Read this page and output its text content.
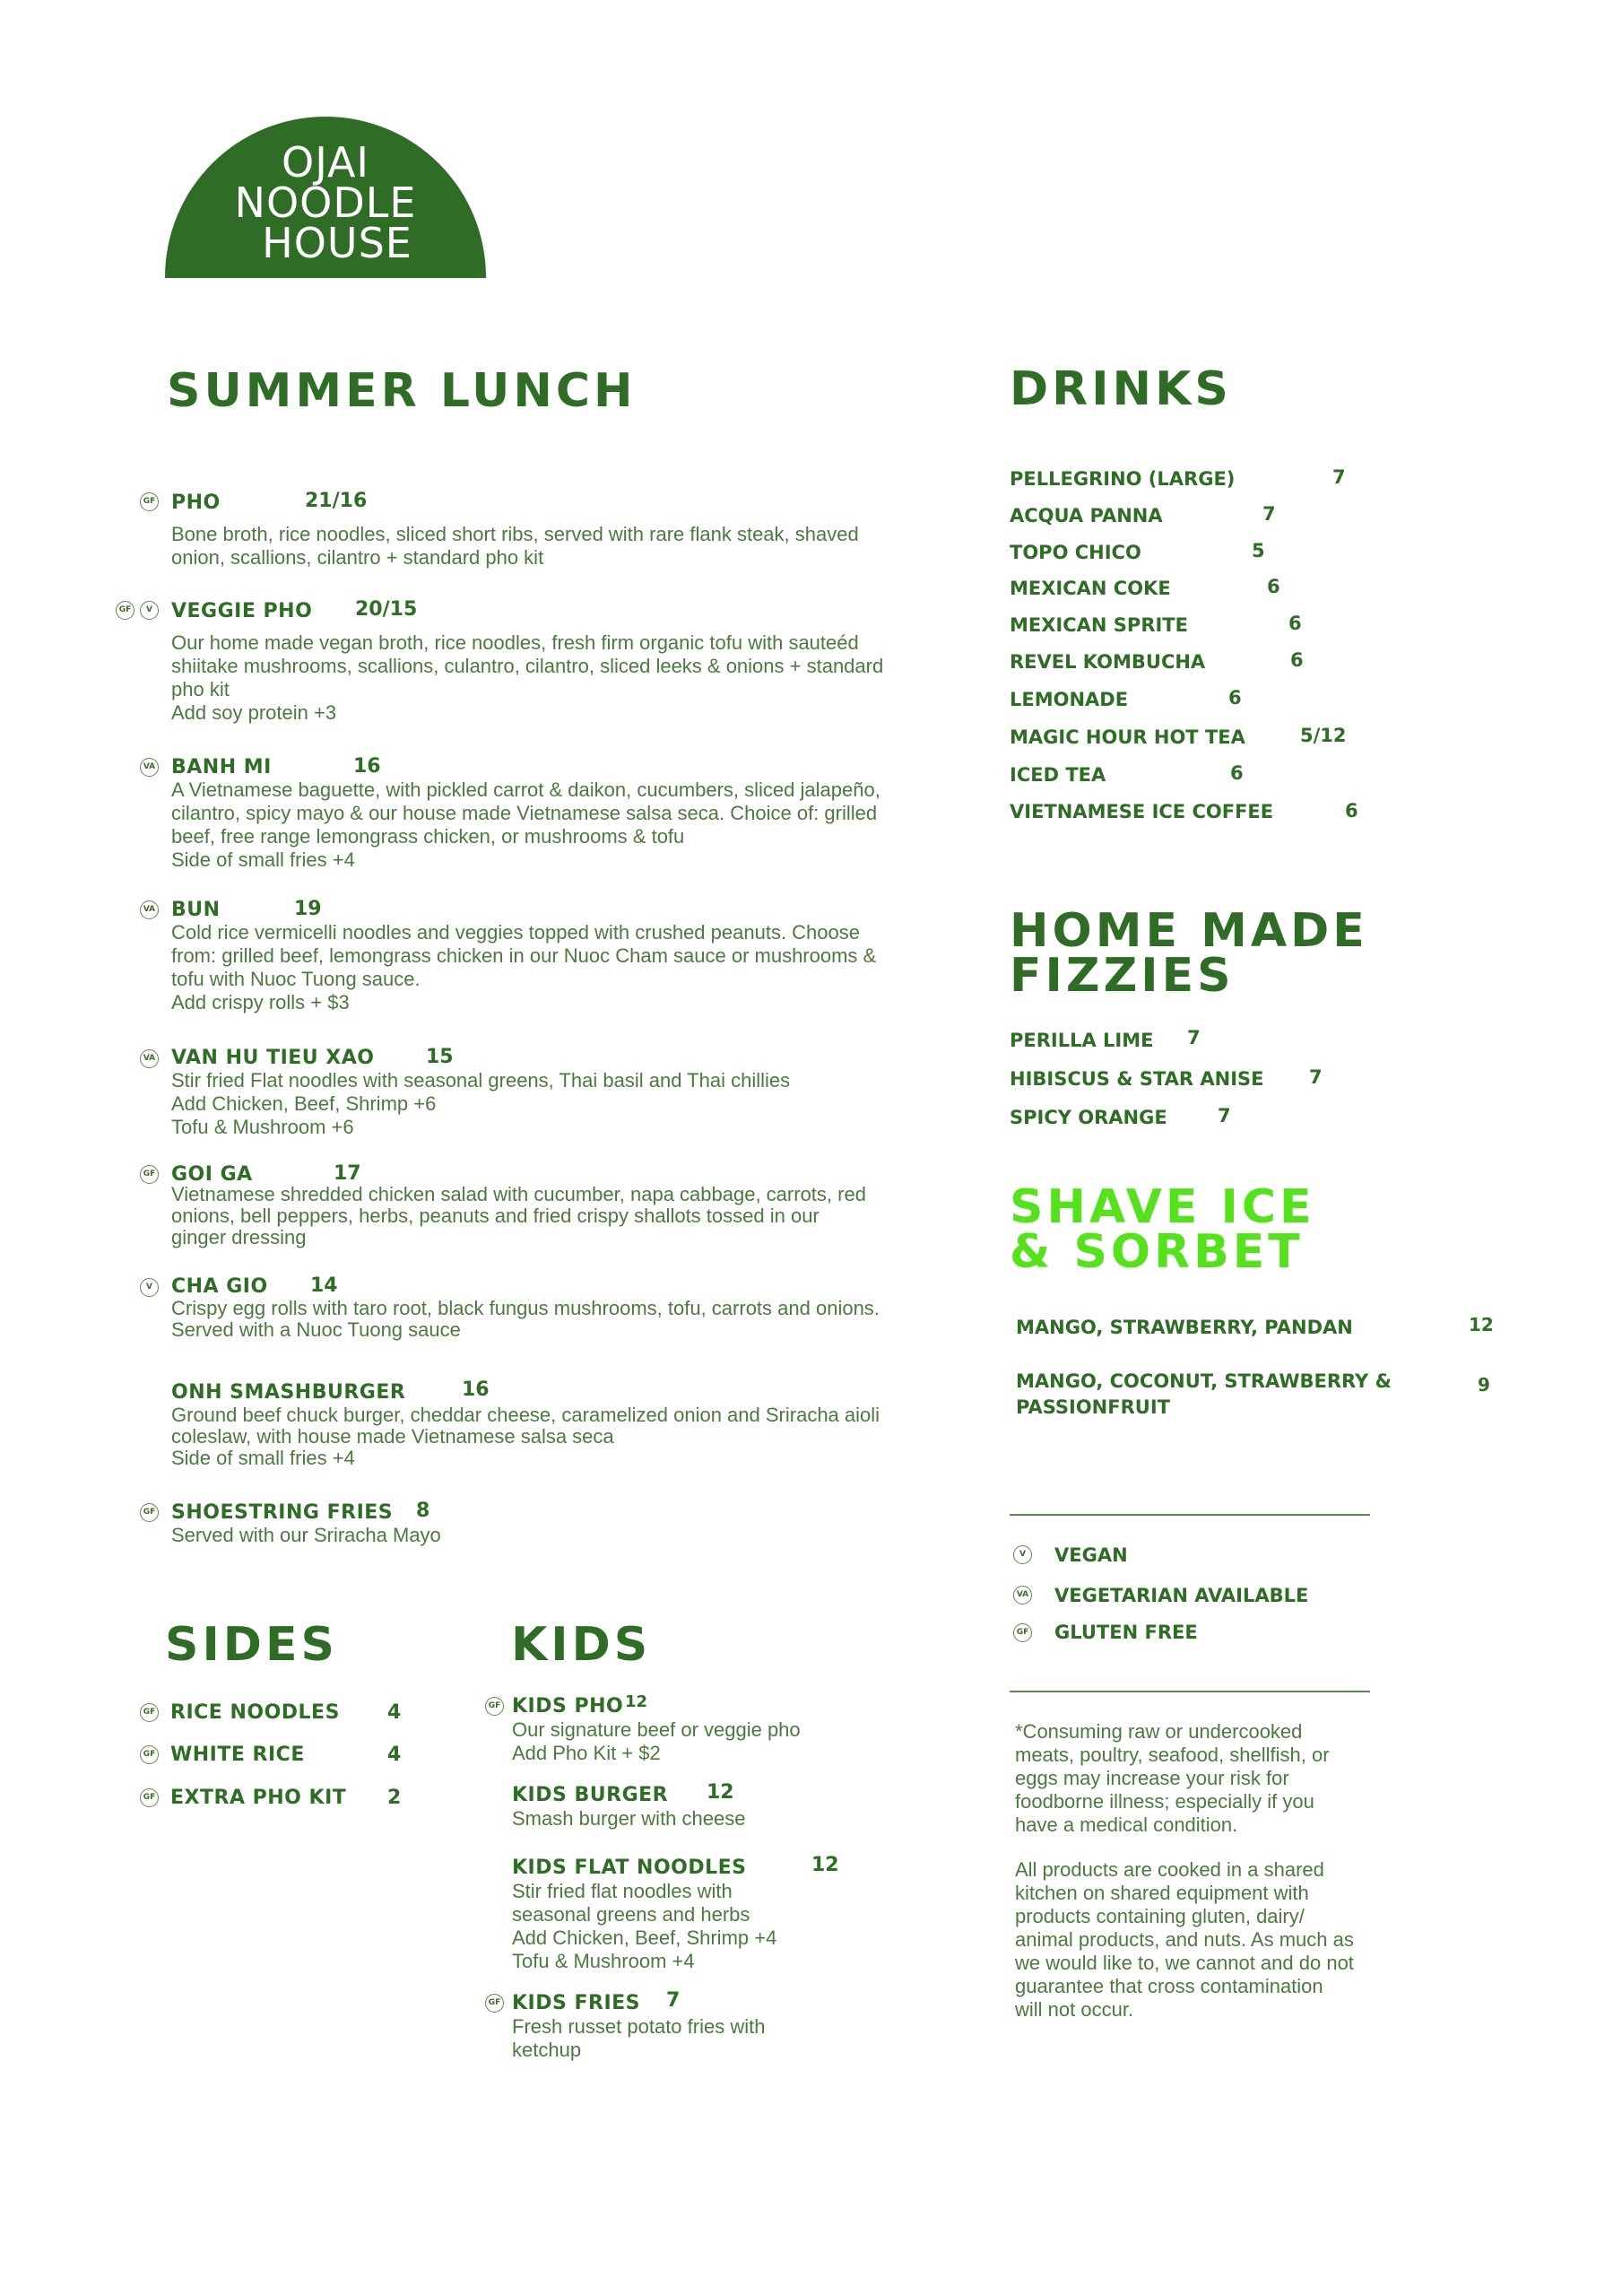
OJAI
NOODLE
HOUSE
SUMMER LUNCH	DRINKS
HOME MADE
FIZZIES
SHAVE ICE
& SORBET
SIDES	KIDS
GF PHO	21/16
Bone broth, rice noodles, sliced short ribs, served with rare flank steak, shaved
onion, scallions, cilantro + standard pho kit
GF	V VEGGIE PHO 20/15
Our home made vegan broth, rice noodles, fresh firm organic tofu with sauteéd
shiitake mushrooms, scallions, culantro, cilantro, sliced leeks & onions + standard
pho kit
Add soy protein +3
VA BANH MI	16
A Vietnamese baguette, with pickled carrot & daikon, cucumbers, sliced jalapeño,
cilantro, spicy mayo & our house made Vietnamese salsa seca. Choice of: grilled
beef, free range lemongrass chicken, or mushrooms & tofu
Side of small fries +4
VA BUN	19
Cold rice vermicelli noodles and veggies topped with crushed peanuts. Choose
from: grilled beef, lemongrass chicken in our Nuoc Cham sauce or mushrooms &
tofu with Nuoc Tuong sauce.
Add crispy rolls + $3
VA VAN HU TIEU XAO	15
Stir fried Flat noodles with seasonal greens, Thai basil and Thai chillies
Add Chicken, Beef, Shrimp +6
Tofu & Mushroom +6
GF GOI GA	17
Vietnamese shredded chicken salad with cucumber, napa cabbage, carrots, red
onions, bell peppers, herbs, peanuts and fried crispy shallots tossed in our
ginger dressing
V CHA GIO 14
Crispy egg rolls with taro root, black fungus mushrooms, tofu, carrots and onions.
Served with a Nuoc Tuong sauce
ONH SMASHBURGER	16
Ground beef chuck burger, cheddar cheese, caramelized onion and Sriracha aioli
coleslaw, with house made Vietnamese salsa seca
Side of small fries +4
GF SHOESTRING FRIES 8
Served with our Sriracha Mayo
PELLEGRINO (LARGE)	7
ACQUA PANNA	7
TOPO CHICO	5
MEXICAN COKE	6
MEXICAN SPRITE	6
REVEL KOMBUCHA	6
LEMONADE	6
MAGIC HOUR HOT TEA	5/12
ICED TEA	6
VIETNAMESE ICE COFFEE	6
PERILLA LIME 7
HIBISCUS & STAR ANISE 7
SPICY ORANGE	7
MANGO, STRAWBERRY, PANDAN	12
MANGO, COCONUT, STRAWBERRY &
PASSIONFRUIT
9
V	VEGAN
VA VEGETARIAN AVAILABLE
GF GLUTEN FREE
*Consuming raw or undercooked
meats, poultry, seafood, shellfish, or
eggs may increase your risk for
foodborne illness; especially if you
have a medical condition.
All products are cooked in a shared
kitchen on shared equipment with
products containing gluten, dairy/
animal products, and nuts. As much as
we would like to, we cannot and do not
guarantee that cross contamination
will not occur.
GF RICE NOODLES 4
GF WHITE RICE	4
GF EXTRA PHO KIT 2
GF KIDS PHO 12
Our signature beef or veggie pho
Add Pho Kit + $2
KIDS BURGER 12
Smash burger with cheese
KIDS FLAT NOODLES	12
Stir fried flat noodles with
seasonal greens and herbs
Add Chicken, Beef, Shrimp +4
Tofu & Mushroom +4
GF KIDS FRIES 7
Fresh russet potato fries with
ketchup
